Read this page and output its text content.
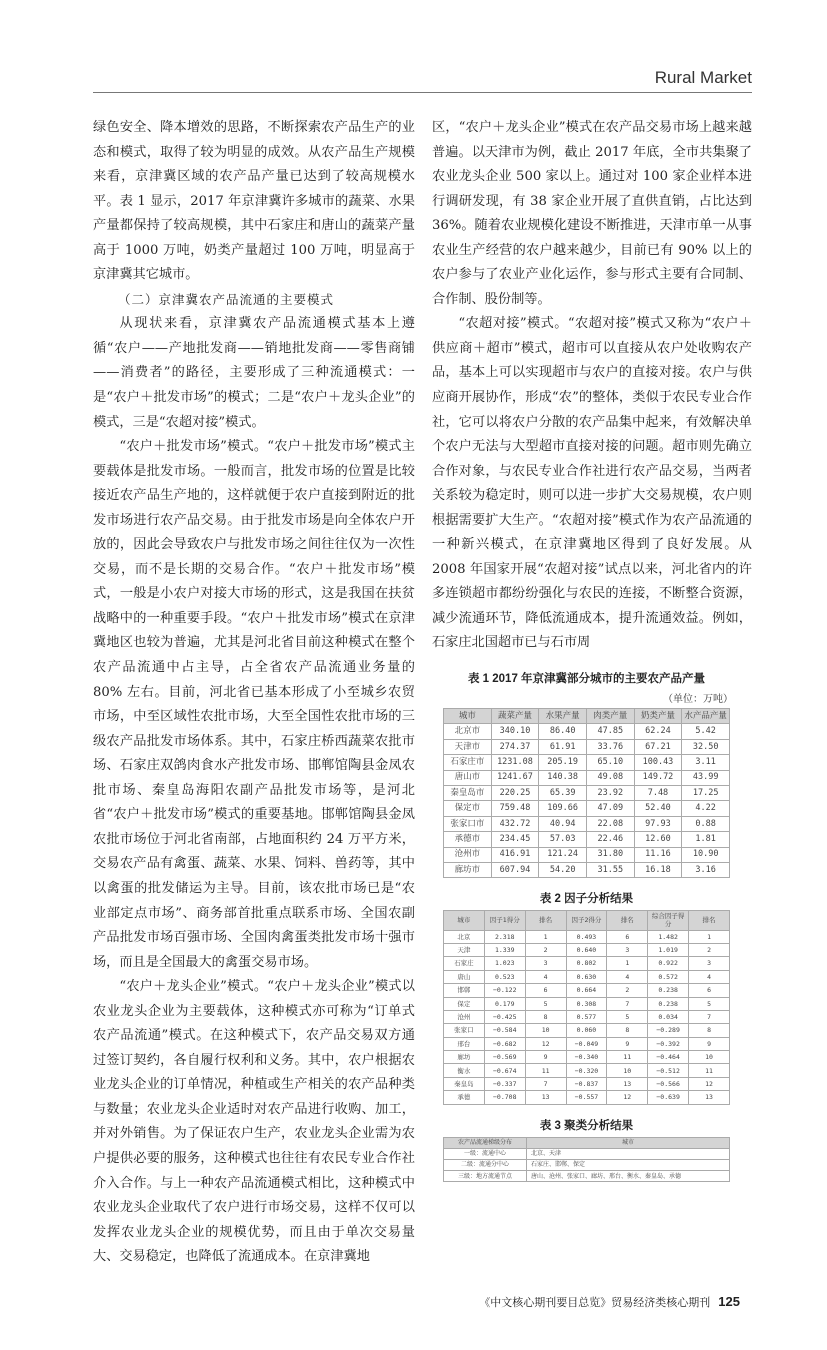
Rural Market

绿色安全、降本增效的思路，不断探索农产品生产的业态和模式，取得了较为明显的成效。从农产品生产规模来看，京津冀区域的农产品产量已达到了较高规模水平。表 1 显示，2017 年京津冀许多城市的蔬菜、水果产量都保持了较高规模，其中石家庄和唐山的蔬菜产量高于 1000 万吨，奶类产量超过 100 万吨，明显高于京津冀其它城市。

（二）京津冀农产品流通的主要模式

从现状来看，京津冀农产品流通模式基本上遵循“农户——产地批发商——销地批发商——零售商铺——消费者”的路径，主要形成了三种流通模式：一是“农户＋批发市场”的模式；二是“农户＋龙头企业”的模式，三是“农超对接”模式。

“农户＋批发市场”模式。“农户＋批发市场”模式主要载体是批发市场。一般而言，批发市场的位置是比较接近农产品生产地的，这样就便于农户直接到附近的批发市场进行农产品交易。由于批发市场是向全体农户开放的，因此会导致农户与批发市场之间往往仅为一次性交易，而不是长期的交易合作。“农户＋批发市场”模式，一般是小农户对接大市场的形式，这是我国在扶贫战略中的一种重要手段。“农户＋批发市场”模式在京津冀地区也较为普遍，尤其是河北省目前这种模式在整个农产品流通中占主导，占全省农产品流通业务量的 80% 左右。目前，河北省已基本形成了小至城乡农贸市场，中至区域性农批市场，大至全国性农批市场的三级农产品批发市场体系。其中，石家庄桥西蔬菜农批市场、石家庄双鸽肉食水产批发市场、邯郸馆陶县金凤农批市场、秦皇岛海阳农副产品批发市场等，是河北省“农户＋批发市场”模式的重要基地。邯郸馆陶县金凤农批市场位于河北省南部，占地面积约 24 万平方米，交易农产品有禽蛋、蔬菜、水果、饲料、兽药等，其中以禽蛋的批发储运为主导。目前，该农批市场已是“农业部定点市场”、商务部首批重点联系市场、全国农副产品批发市场百强市场、全国肉禽蛋类批发市场十强市场，而且是全国最大的禽蛋交易市场。

“农户＋龙头企业”模式。“农户＋龙头企业”模式以农业龙头企业为主要载体，这种模式亦可称为“订单式农产品流通”模式。在这种模式下，农产品交易双方通过签订契约，各自履行权利和义务。其中，农户根据农业龙头企业的订单情况，种植或生产相关的农产品种类与数量；农业龙头企业适时对农产品进行收购、加工，并对外销售。为了保证农户生产，农业龙头企业需为农户提供必要的服务，这种模式也往往有农民专业合作社介入合作。与上一种农产品流通模式相比，这种模式中农业龙头企业取代了农户进行市场交易，这样不仅可以发挥农业龙头企业的规模优势，而且由于单次交易量大、交易稳定，也降低了流通成本。在京津冀地

区，“农户＋龙头企业”模式在农产品交易市场上越来越普遍。以天津市为例，截止 2017 年底，全市共集聚了农业龙头企业 500 家以上。通过对 100 家企业样本进行调研发现，有 38 家企业开展了直供直销，占比达到 36%。随着农业规模化建设不断推进，天津市单一从事农业生产经营的农户越来越少，目前已有 90% 以上的农户参与了农业产业化运作，参与形式主要有合同制、合作制、股份制等。

“农超对接”模式。“农超对接”模式又称为“农户＋供应商＋超市”模式，超市可以直接从农户处收购农产品，基本上可以实现超市与农户的直接对接。农户与供应商开展协作，形成“农”的整体，类似于农民专业合作社，它可以将农户分散的农产品集中起来，有效解决单个农户无法与大型超市直接对接的问题。超市则先确立合作对象，与农民专业合作社进行农产品交易，当两者关系较为稳定时，则可以进一步扩大交易规模，农户则根据需要扩大生产。“农超对接”模式作为农产品流通的一种新兴模式，在京津冀地区得到了良好发展。从 2008 年国家开展“农超对接”试点以来，河北省内的许多连锁超市都纷纷强化与农民的连接，不断整合资源，减少流通环节，降低流通成本，提升流通效益。例如，石家庄北国超市已与石市周

表 1 2017 年京津冀部分城市的主要农产品产量
（单位：万吨）
城市	蔬菜产量	水果产量	肉类产量	奶类产量	水产品产量
北京市	340.10	86.40	47.85	62.24	5.42
天津市	274.37	61.91	33.76	67.21	32.50
石家庄市	1231.08	205.19	65.10	100.43	3.11
唐山市	1241.67	140.38	49.08	149.72	43.99
秦皇岛市	220.25	65.39	23.92	7.48	17.25
保定市	759.48	109.66	47.09	52.40	4.22
张家口市	432.72	40.94	22.08	97.93	0.88
承德市	234.45	57.03	22.46	12.60	1.81
沧州市	416.91	121.24	31.80	11.16	10.90
廊坊市	607.94	54.20	31.55	16.18	3.16
表 2 因子分析结果
城市	因子1得分	排名	因子2得分	排名	综合因子得分	排名
北京	2.318	1	0.493	6	1.482	1
天津	1.339	2	0.640	3	1.019	2
石家庄	1.023	3	0.802	1	0.922	3
唐山	0.523	4	0.630	4	0.572	4
邯郸	−0.122	6	0.664	2	0.238	6
保定	0.179	5	0.308	7	0.238	5
沧州	−0.425	8	0.577	5	0.034	7
张家口	−0.584	10	0.060	8	−0.289	8
邢台	−0.682	12	−0.049	9	−0.392	9
廊坊	−0.569	9	−0.340	11	−0.464	10
衡水	−0.674	11	−0.320	10	−0.512	11
秦皇岛	−0.337	7	−0.837	13	−0.566	12
承德	−0.708	13	−0.557	12	−0.639	13
表 3 聚类分析结果
农产品流通梯级分布	城市
一级：流通中心	北京、天津
二级：流通分中心	石家庄、邯郸、保定
三级：地方流通节点	唐山、沧州、张家口、廊坊、邢台、衡水、秦皇岛、承德
《中文核心期刊要目总览》贸易经济类核心期刊 125
